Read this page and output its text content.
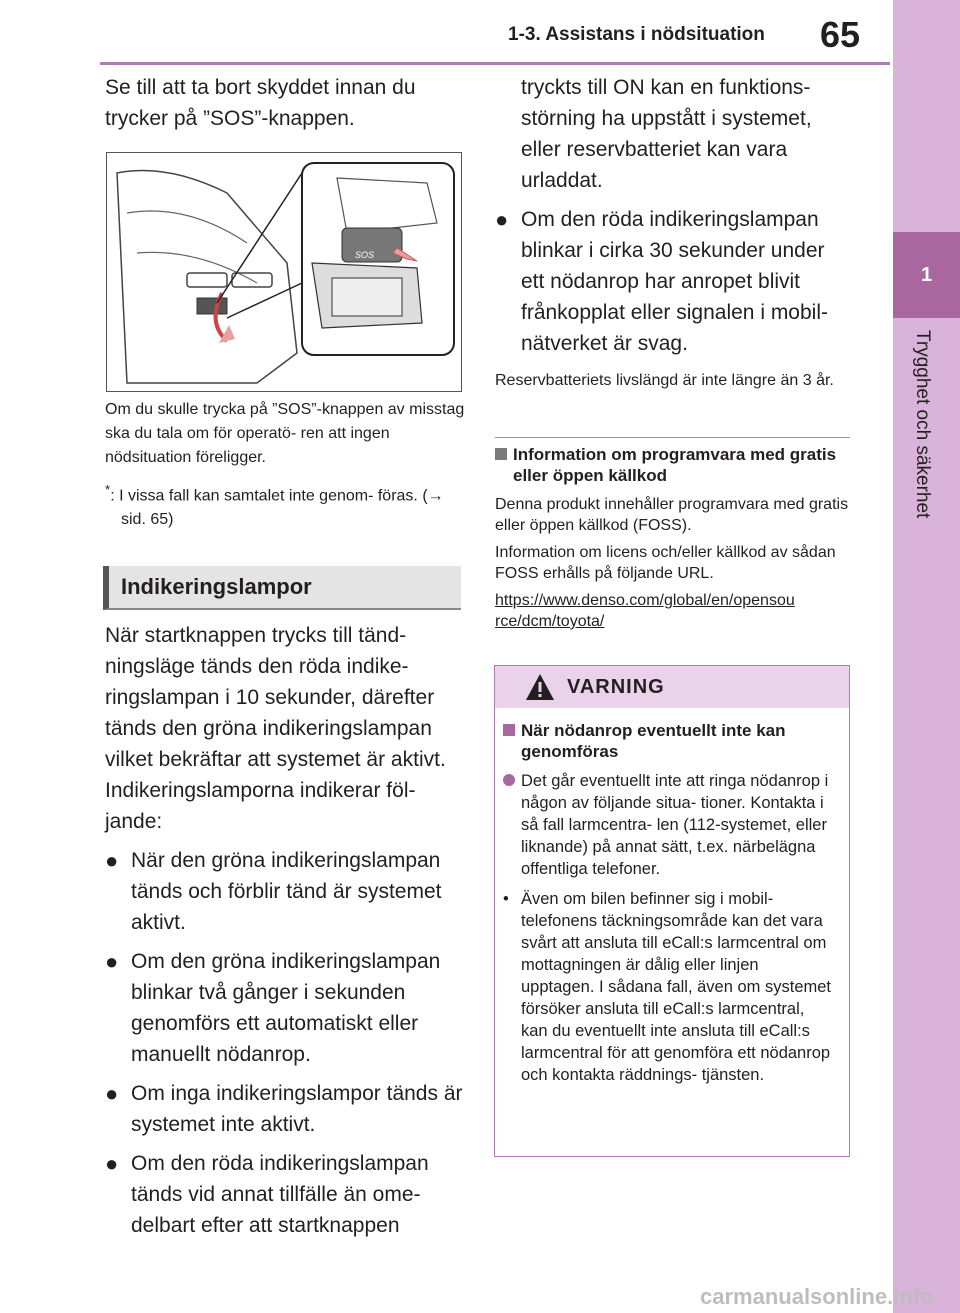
1-3. Assistans i nödsituation 65
1
Trygghet och säkerhet

Se till att ta bort skyddet innan du trycker på ”SOS”-knappen.

SOS

Om du skulle trycka på ”SOS”-knappen av misstag ska du tala om för operatö- ren att ingen nödsituation föreligger.

*: I vissa fall kan samtalet inte genom- föras. (→ sid. 65)

Indikeringslampor

När startknappen trycks till tänd- ningsläge tänds den röda indike- ringslampan i 10 sekunder, därefter tänds den gröna indikeringslampan vilket bekräftar att systemet är aktivt. Indikeringslamporna indikerar föl- jande:

● När den gröna indikeringslampan tänds och förblir tänd är systemet aktivt.
● Om den gröna indikeringslampan blinkar två gånger i sekunden genomförs ett automatiskt eller manuellt nödanrop.
● Om inga indikeringslampor tänds är systemet inte aktivt.
● Om den röda indikeringslampan tänds vid annat tillfälle än ome- delbart efter att startknappen

tryckts till ON kan en funktions- störning ha uppstått i systemet, eller reservbatteriet kan vara urladdat.

● Om den röda indikeringslampan blinkar i cirka 30 sekunder under ett nödanrop har anropet blivit frånkopplat eller signalen i mobil- nätverket är svag.

Reservbatteriets livslängd är inte längre än 3 år.

Information om programvara med gratis eller öppen källkod

Denna produkt innehåller programvara med gratis eller öppen källkod (FOSS).

Information om licens och/eller källkod av sådan FOSS erhålls på följande URL.

https://www.denso.com/global/en/opensource/dcm/toyota/
VARNING
När nödanrop eventuellt inte kan genomföras
Det går eventuellt inte att ringa nödanrop i någon av följande situa- tioner. Kontakta i så fall larmcentra- len (112-systemet, eller liknande) på annat sätt, t.ex. närbelägna offentliga telefoner.
• Även om bilen befinner sig i mobil- telefonens täckningsområde kan det vara svårt att ansluta till eCall:s larmcentral om mottagningen är dålig eller linjen upptagen. I sådana fall, även om systemet försöker ansluta till eCall:s larmcentral, kan du eventuellt inte ansluta till eCall:s larmcentral för att genomföra ett nödanrop och kontakta räddnings- tjänsten.
carmanualsonline.info
